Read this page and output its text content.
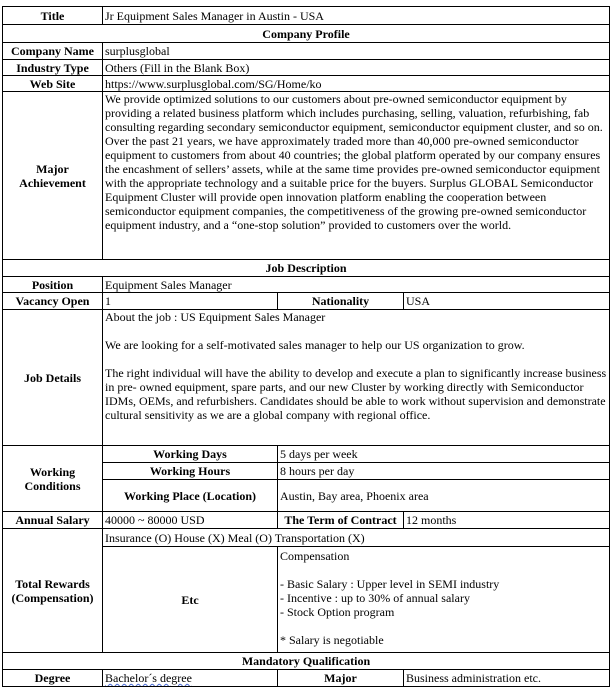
Title	Jr Equipment Sales Manager in Austin - USA		
Company Profile			
Company Name	surplusglobal		
Industry Type	Others (Fill in the Blank Box)		
Web Site	https://www.surplusglobal.com/SG/Home/ko		
Major Achievement	We provide optimized solutions to our customers about pre-owned semiconductor equipment by providing a related business platform which includes purchasing, selling, valuation, refurbishing, fab consulting regarding secondary semiconductor equipment, semiconductor equipment cluster, and so on. Over the past 21 years, we have approximately traded more than 40,000 pre-owned semiconductor equipment to customers from about 40 countries; the global platform operated by our company ensures the encashment of sellers’ assets, while at the same time provides pre-owned semiconductor equipment with the appropriate technology and a suitable price for the buyers. Surplus GLOBAL Semiconductor Equipment Cluster will provide open innovation platform enabling the cooperation between semiconductor equipment companies, the competitiveness of the growing pre-owned semiconductor equipment industry, and a “one-stop solution” provided to customers over the world.		
Job Description			
Position	Equipment Sales Manager		
Vacancy Open	1	Nationality	USA
Job Details	About the job : US Equipment Sales Manager
We are looking for a self-motivated sales manager to help our US organization to grow.
The right individual will have the ability to develop and execute a plan to significantly increase business in pre- owned equipment, spare parts, and our new Cluster by working directly with Semiconductor IDMs, OEMs, and refurbishers. Candidates should be able to work without supervision and demonstrate cultural sensitivity as we are a global company with regional office.		

Working Conditions	Working Days	5 days per week	
	Working Hours	8 hours per day	
	Working Place (Location)	Austin, Bay area, Phoenix area	
Annual Salary	40000 ~ 80000 USD	The Term of Contract	12 months
Total Rewards (Compensation)	Insurance (O) House (X) Meal (O) Transportation (X)		
	Etc	Compensation
- Basic Salary : Upper level in SEMI industry
- Incentive : up to 30% of annual salary
- Stock Option program
* Salary is negotiable	

Mandatory Qualification			
Degree	Bachelor´s degree	Major	Business administration etc.
